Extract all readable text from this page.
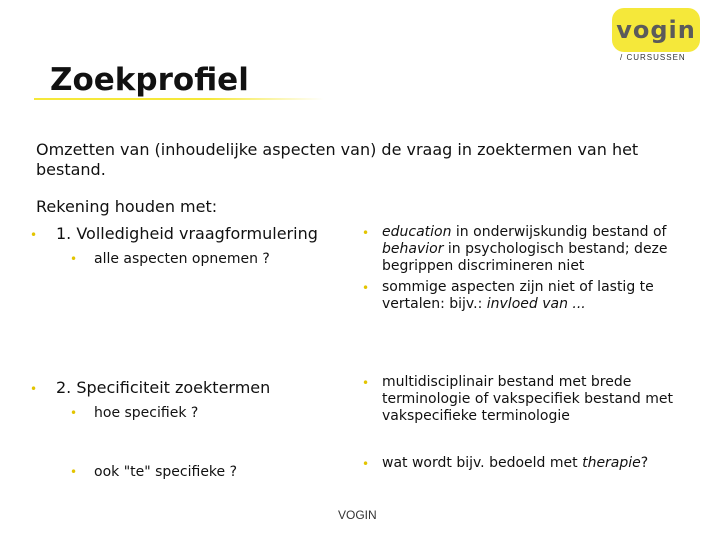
vogin
/ CURSUSSEN
Zoekprofiel
Omzetten van (inhoudelijke aspecten van) de vraag in zoektermen van het bestand.
Rekening houden met:
•	1. Volledigheid vraagformulering
•	alle aspecten opnemen ?
•	2. Specificiteit zoektermen
•	hoe specifiek ?
•	ook "te" specifieke ?
• education in onderwijskundig bestand of behavior in psychologisch bestand; deze begrippen discrimineren niet
• sommige aspecten zijn niet of lastig te vertalen: bijv.: invloed van ...
• multidisciplinair bestand met brede terminologie of vakspecifiek bestand met vakspecifieke terminologie
• wat wordt bijv. bedoeld met therapie?
VOGIN
